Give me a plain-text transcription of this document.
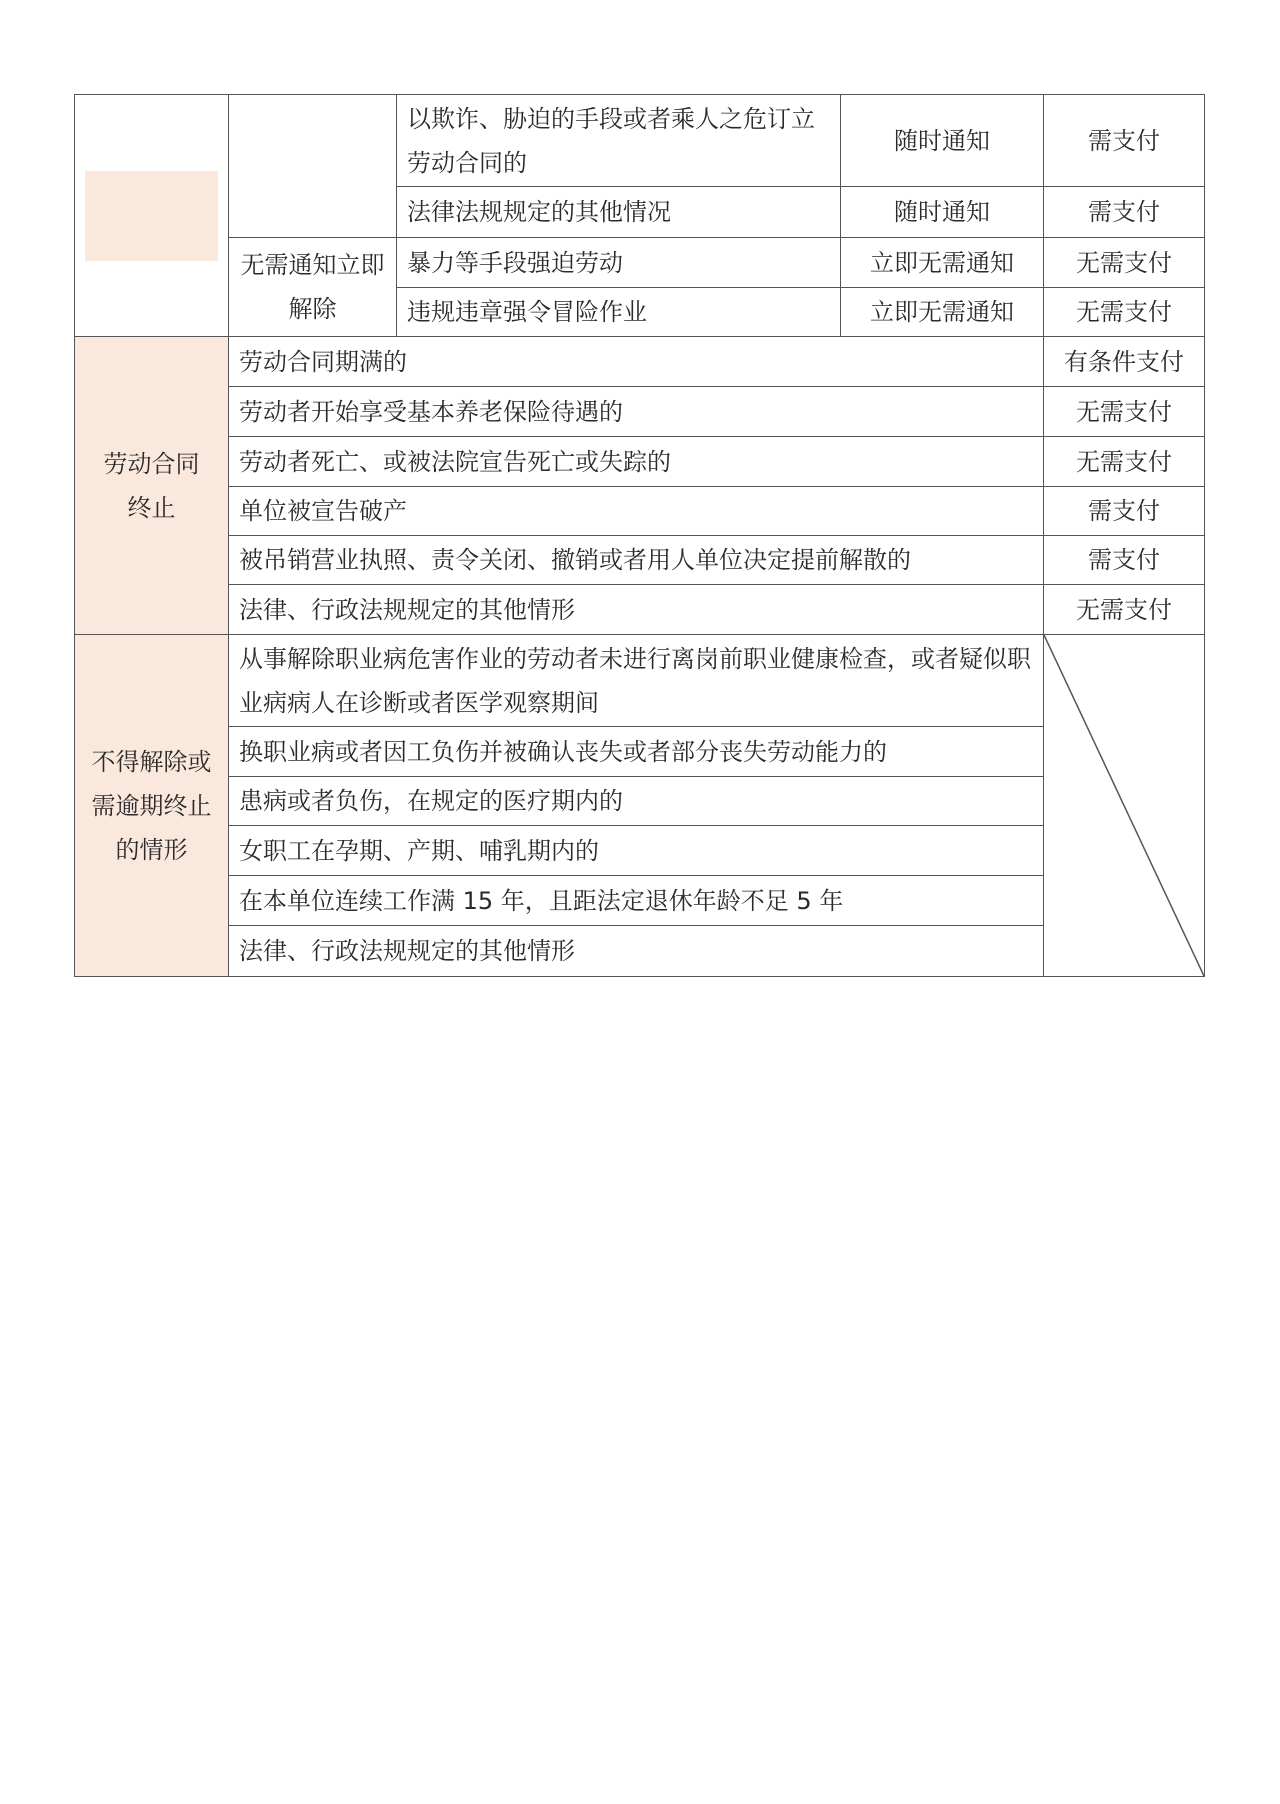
		以欺诈、胁迫的手段或者乘人之危订立劳动合同的	随时通知	需支付
		法律法规规定的其他情况	随时通知	需支付
	无需通知立即解除	暴力等手段强迫劳动	立即无需通知	无需支付
		违规违章强令冒险作业	立即无需通知	无需支付
劳动合同终止	劳动合同期满的			有条件支付
	劳动者开始享受基本养老保险待遇的			无需支付
	劳动者死亡、或被法院宣告死亡或失踪的			无需支付
	单位被宣告破产			需支付
	被吊销营业执照、责令关闭、撤销或者用人单位决定提前解散的			需支付
	法律、行政法规规定的其他情形			无需支付
不得解除或需逾期终止的情形	从事解除职业病危害作业的劳动者未进行离岗前职业健康检查，或者疑似职业病病人在诊断或者医学观察期间	

	换职业病或者因工负伤并被确认丧失或者部分丧失劳动能力的			
	患病或者负伤，在规定的医疗期内的			
	女职工在孕期、产期、哺乳期内的			
	在本单位连续工作满 15 年，且距法定退休年龄不足 5 年			
	法律、行政法规规定的其他情形			
